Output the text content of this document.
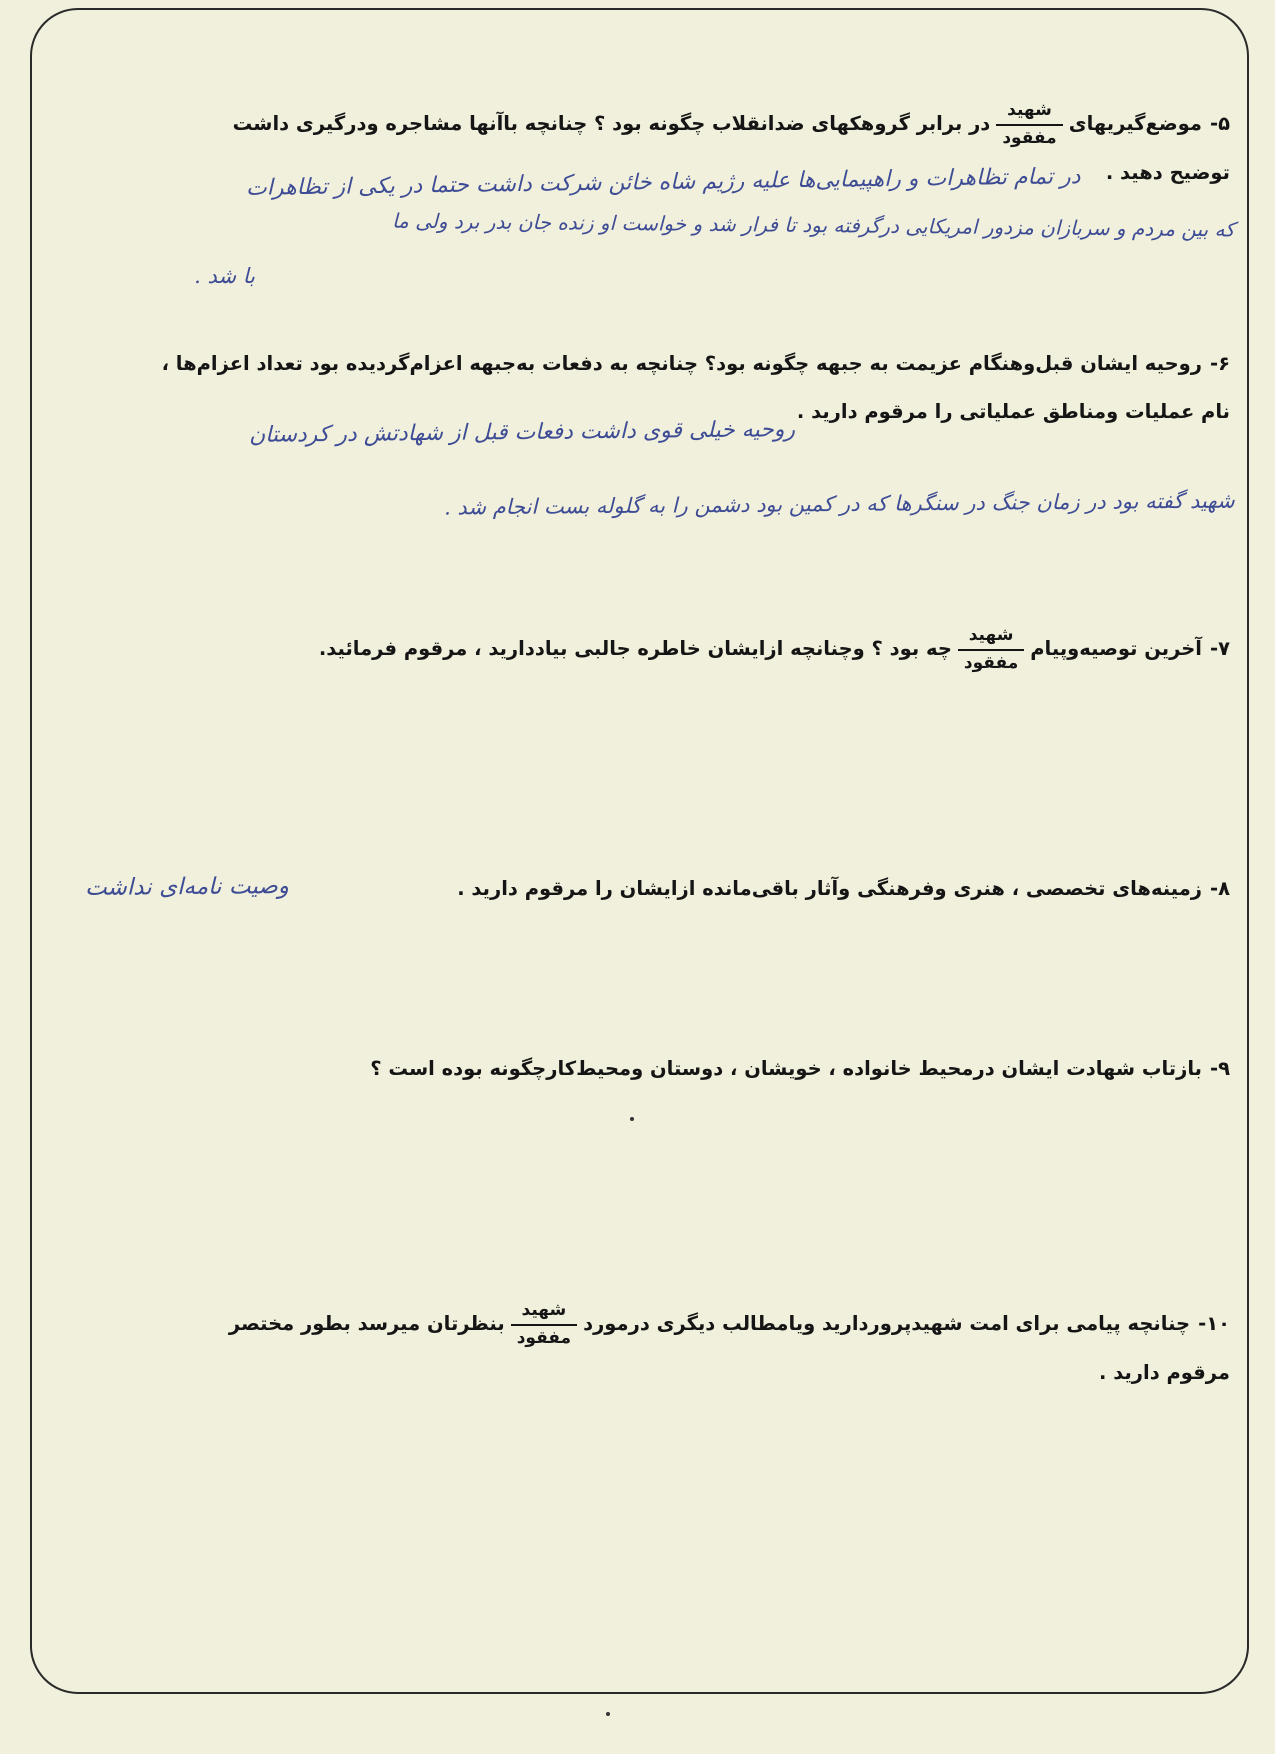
۵-موضع‌گیریهای
$\frac{\text{شهید}}{\text{مفقود}}$
در برابر گروهکهای ضدانقلاب چگونه بود ؟ چنانچه باآنها مشاجره ودرگیری داشت
توضیح دهید .
در تمام تظاهرات و راهپیمایی‌ها علیه رژیم شاه خائن شرکت داشت حتما در یکی از تظاهرات
که بین مردم و سربازان مزدور امریکایی درگرفته بود تا فرار شد و خواست او زنده جان بدر برد ولی ما
با شد .
۶-روحیه ایشان قبل‌وهنگام عزیمت به جبهه چگونه بود؟ چنانچه به دفعات به‌جبهه اعزام‌گردیده بود تعداد اعزام‌ها ،
نام عملیات ومناطق عملیاتی را مرقوم دارید .
روحیه خیلی قوی داشت دفعات قبل از شهادتش در کردستان
شهید گفته بود در زمان جنگ در سنگرها که در کمین بود دشمن را به گلوله بست انجام شد .
۷-آخرین توصیه‌وپیام
$\frac{\text{شهید}}{\text{مفقود}}$
چه بود ؟ وچنانچه ازایشان خاطره جالبی بیاددارید ، مرقوم فرمائید.
۸-زمینه‌های تخصصی ، هنری وفرهنگی وآثار باقی‌مانده ازایشان را مرقوم دارید .
وصیت نامه‌ای نداشت
۹-بازتاب شهادت ایشان درمحیط خانواده ، خویشان ، دوستان ومحیط‌کارچگونه بوده است ؟
۱۰-چنانچه پیامی برای امت شهیدپروردارید ویامطالب دیگری درمورد
$\frac{\text{شهید}}{\text{مفقود}}$
بنظرتان میرسد بطور مختصر
مرقوم دارید .
